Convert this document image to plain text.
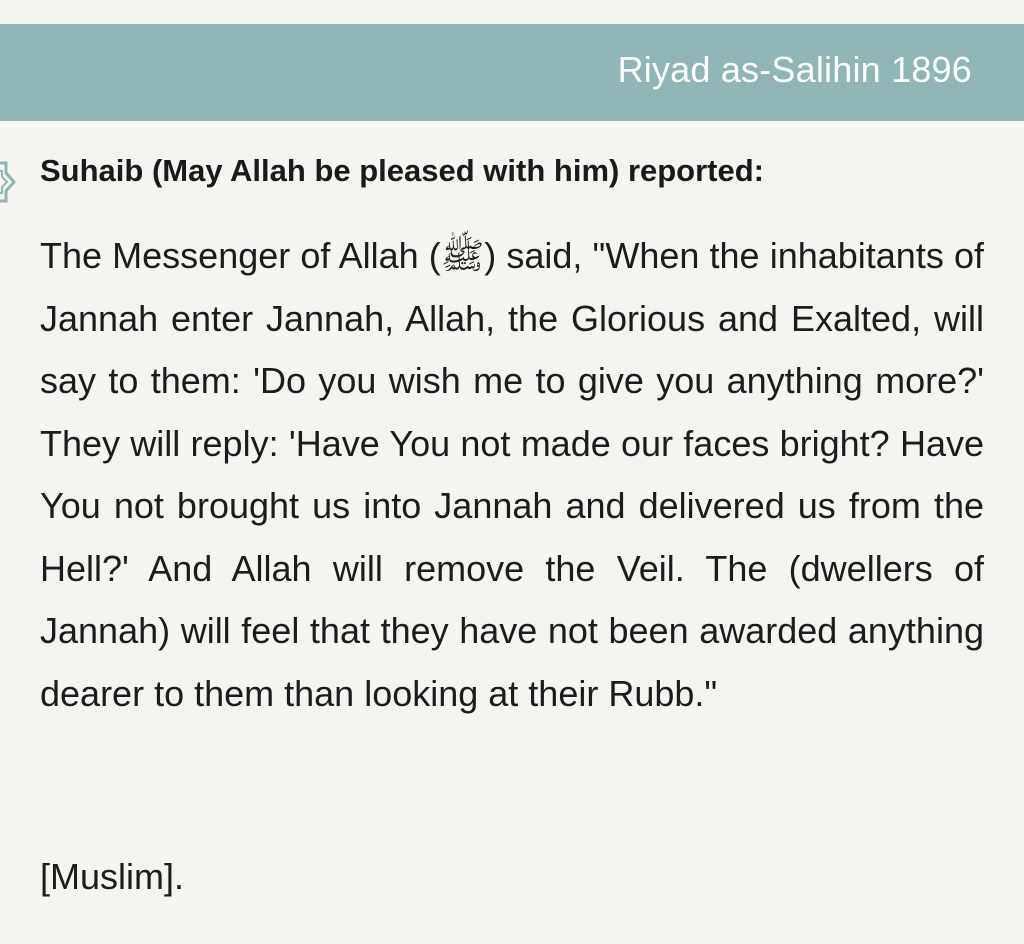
Riyad as-Salihin 1896
Suhaib (May Allah be pleased with him) reported:
The Messenger of Allah (ﷺ) said, "When the inhabitants of Jannah enter Jannah, Allah, the Glorious and Exalted, will say to them: 'Do you wish me to give you anything more?' They will reply: 'Have You not made our faces bright? Have You not brought us into Jannah and delivered us from the Hell?' And Allah will remove the Veil. The (dwellers of Jannah) will feel that they have not been awarded anything dearer to them than looking at their Rubb."
[Muslim].
